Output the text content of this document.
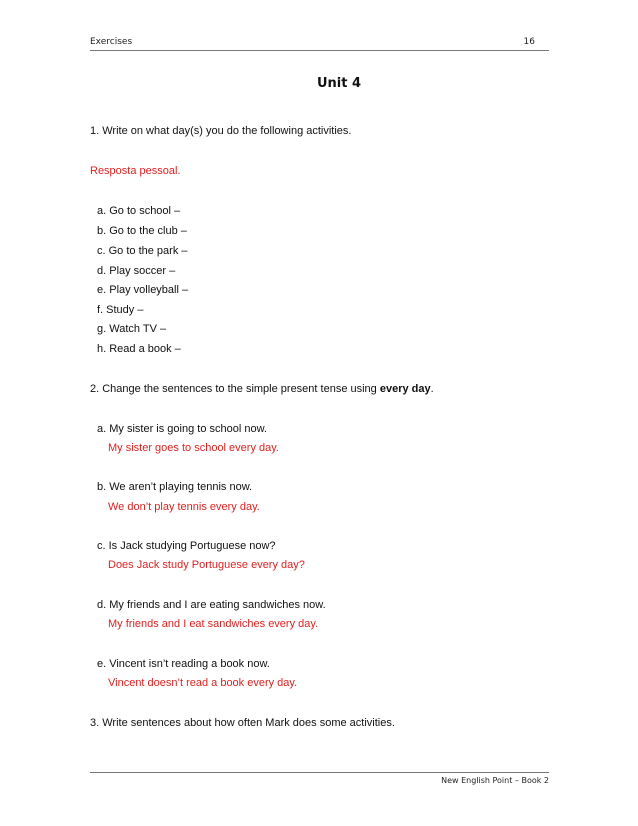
Exercises	16
Unit 4
1. Write on what day(s) you do the following activities.
Resposta pessoal.
a. Go to school –
b. Go to the club –
c. Go to the park –
d. Play soccer –
e. Play volleyball –
f. Study –
g. Watch TV –
h. Read a book –
2. Change the sentences to the simple present tense using every day.
a. My sister is going to school now.
My sister goes to school every day.
b. We aren’t playing tennis now.
We don’t play tennis every day.
c. Is Jack studying Portuguese now?
Does Jack study Portuguese every day?
d. My friends and I are eating sandwiches now.
My friends and I eat sandwiches every day.
e. Vincent isn’t reading a book now.
Vincent doesn’t read a book every day.
3. Write sentences about how often Mark does some activities.
New English Point – Book 2
